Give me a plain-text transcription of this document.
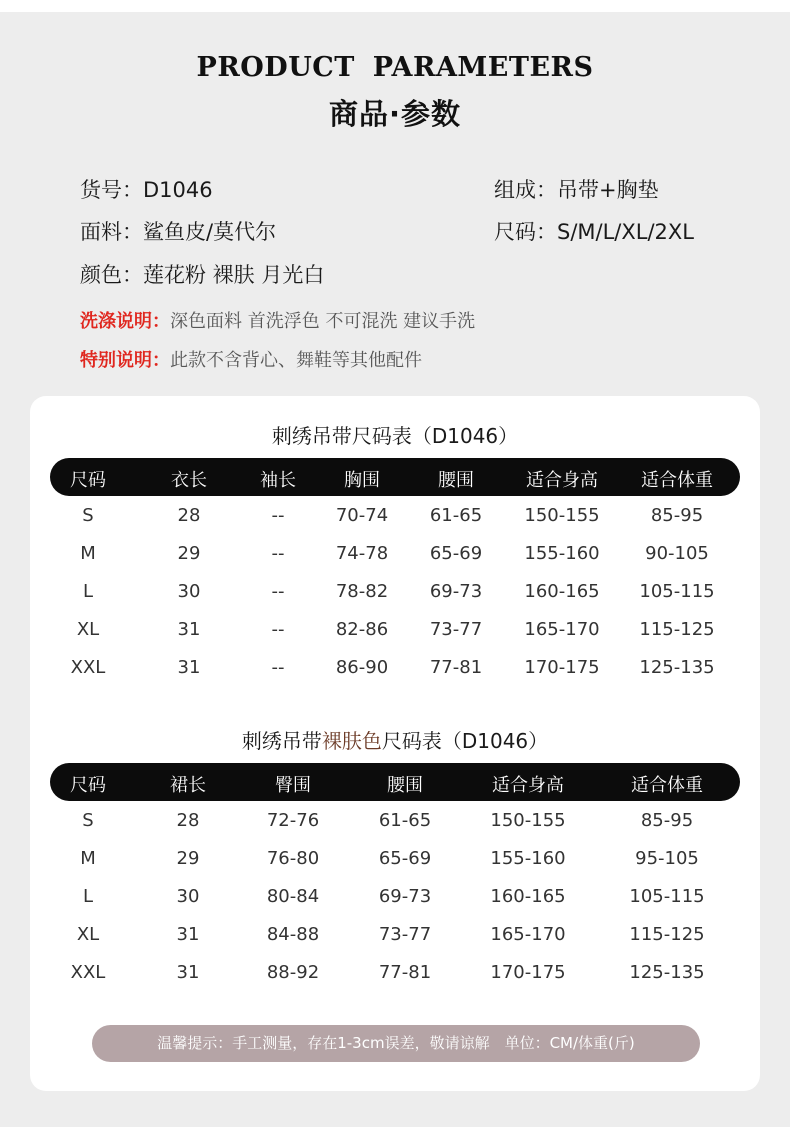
PRODUCT PARAMETERS
商品·参数
货号：D1046	组成：吊带+胸垫
面料：鲨鱼皮/莫代尔	尺码：S/M/L/XL/2XL
颜色：莲花粉 裸肤 月光白
洗涤说明：深色面料 首洗浮色 不可混洗 建议手洗
特别说明：此款不含背心、舞鞋等其他配件
刺绣吊带尺码表（D1046）
尺码	衣长	袖长	胸围	腰围	适合身高 适合体重
S	28	--	70-74 61-65 150-155	85-95
M	29	--	74-78 65-69 155-160	90-105
L	30	--	78-82 69-73 160-165 105-115
XL	31	--	82-86 73-77 165-170 115-125
XXL	31	--	86-90 77-81 170-175 125-135
刺绣吊带裸肤色尺码表（D1046）
尺码	裙长	臀围	腰围	适合身高	适合体重
S	28	72-76	61-65	150-155	85-95
M	29	76-80	65-69	155-160	95-105
L	30	80-84	69-73	160-165	105-115
XL	31	84-88	73-77	165-170	115-125
XXL	31	88-92	77-81	170-175	125-135
温馨提示：手工测量，存在1-3cm误差，敬请谅解　单位：CM/体重(斤)
